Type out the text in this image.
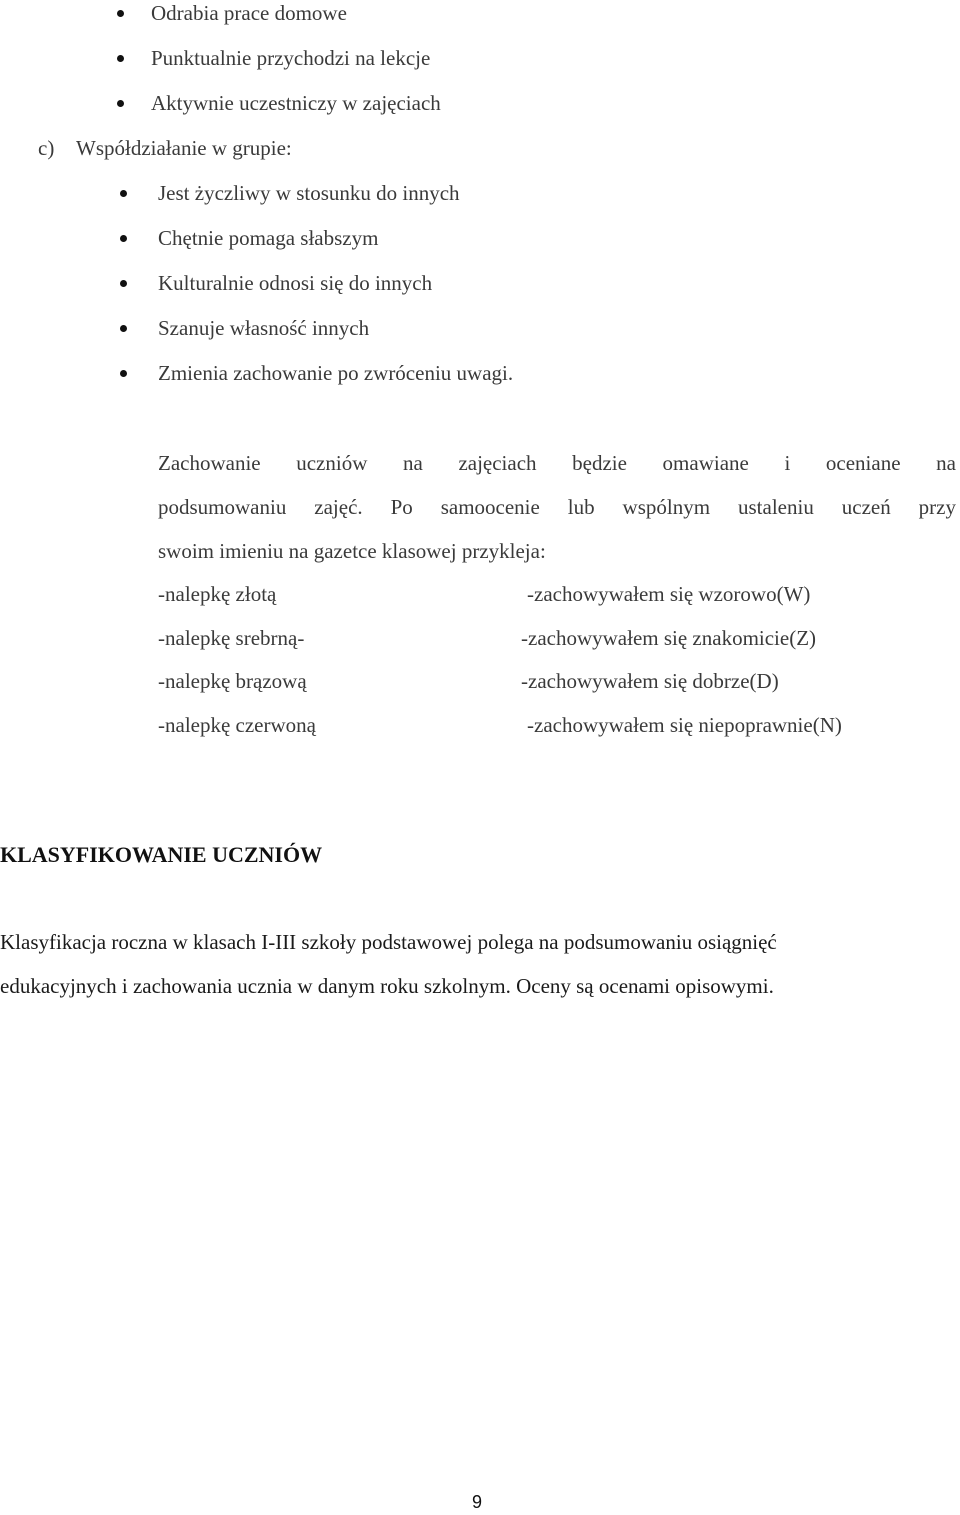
Odrabia prace domowe
Punktualnie przychodzi na lekcje
Aktywnie uczestniczy w zajęciach
c) Współdziałanie w grupie:
Jest życzliwy w stosunku do innych
Chętnie pomaga słabszym
Kulturalnie odnosi się do innych
Szanuje własność innych
Zmienia zachowanie po zwróceniu uwagi.
Zachowanie uczniów na zajęciach będzie omawiane i oceniane na
podsumowaniu zajęć. Po samoocenie lub wspólnym ustaleniu uczeń przy
swoim imieniu na gazetce klasowej przykleja:
-nalepkę złotą	-zachowywałem się wzorowo(W)
-nalepkę srebrną-	-zachowywałem się znakomicie(Z)
-nalepkę brązową	-zachowywałem się dobrze(D)
-nalepkę czerwoną	-zachowywałem się niepoprawnie(N)
KLASYFIKOWANIE UCZNIÓW
Klasyfikacja roczna w klasach I-III szkoły podstawowej polega na podsumowaniu osiągnięć
edukacyjnych i zachowania ucznia w danym roku szkolnym. Oceny są ocenami opisowymi.
9
